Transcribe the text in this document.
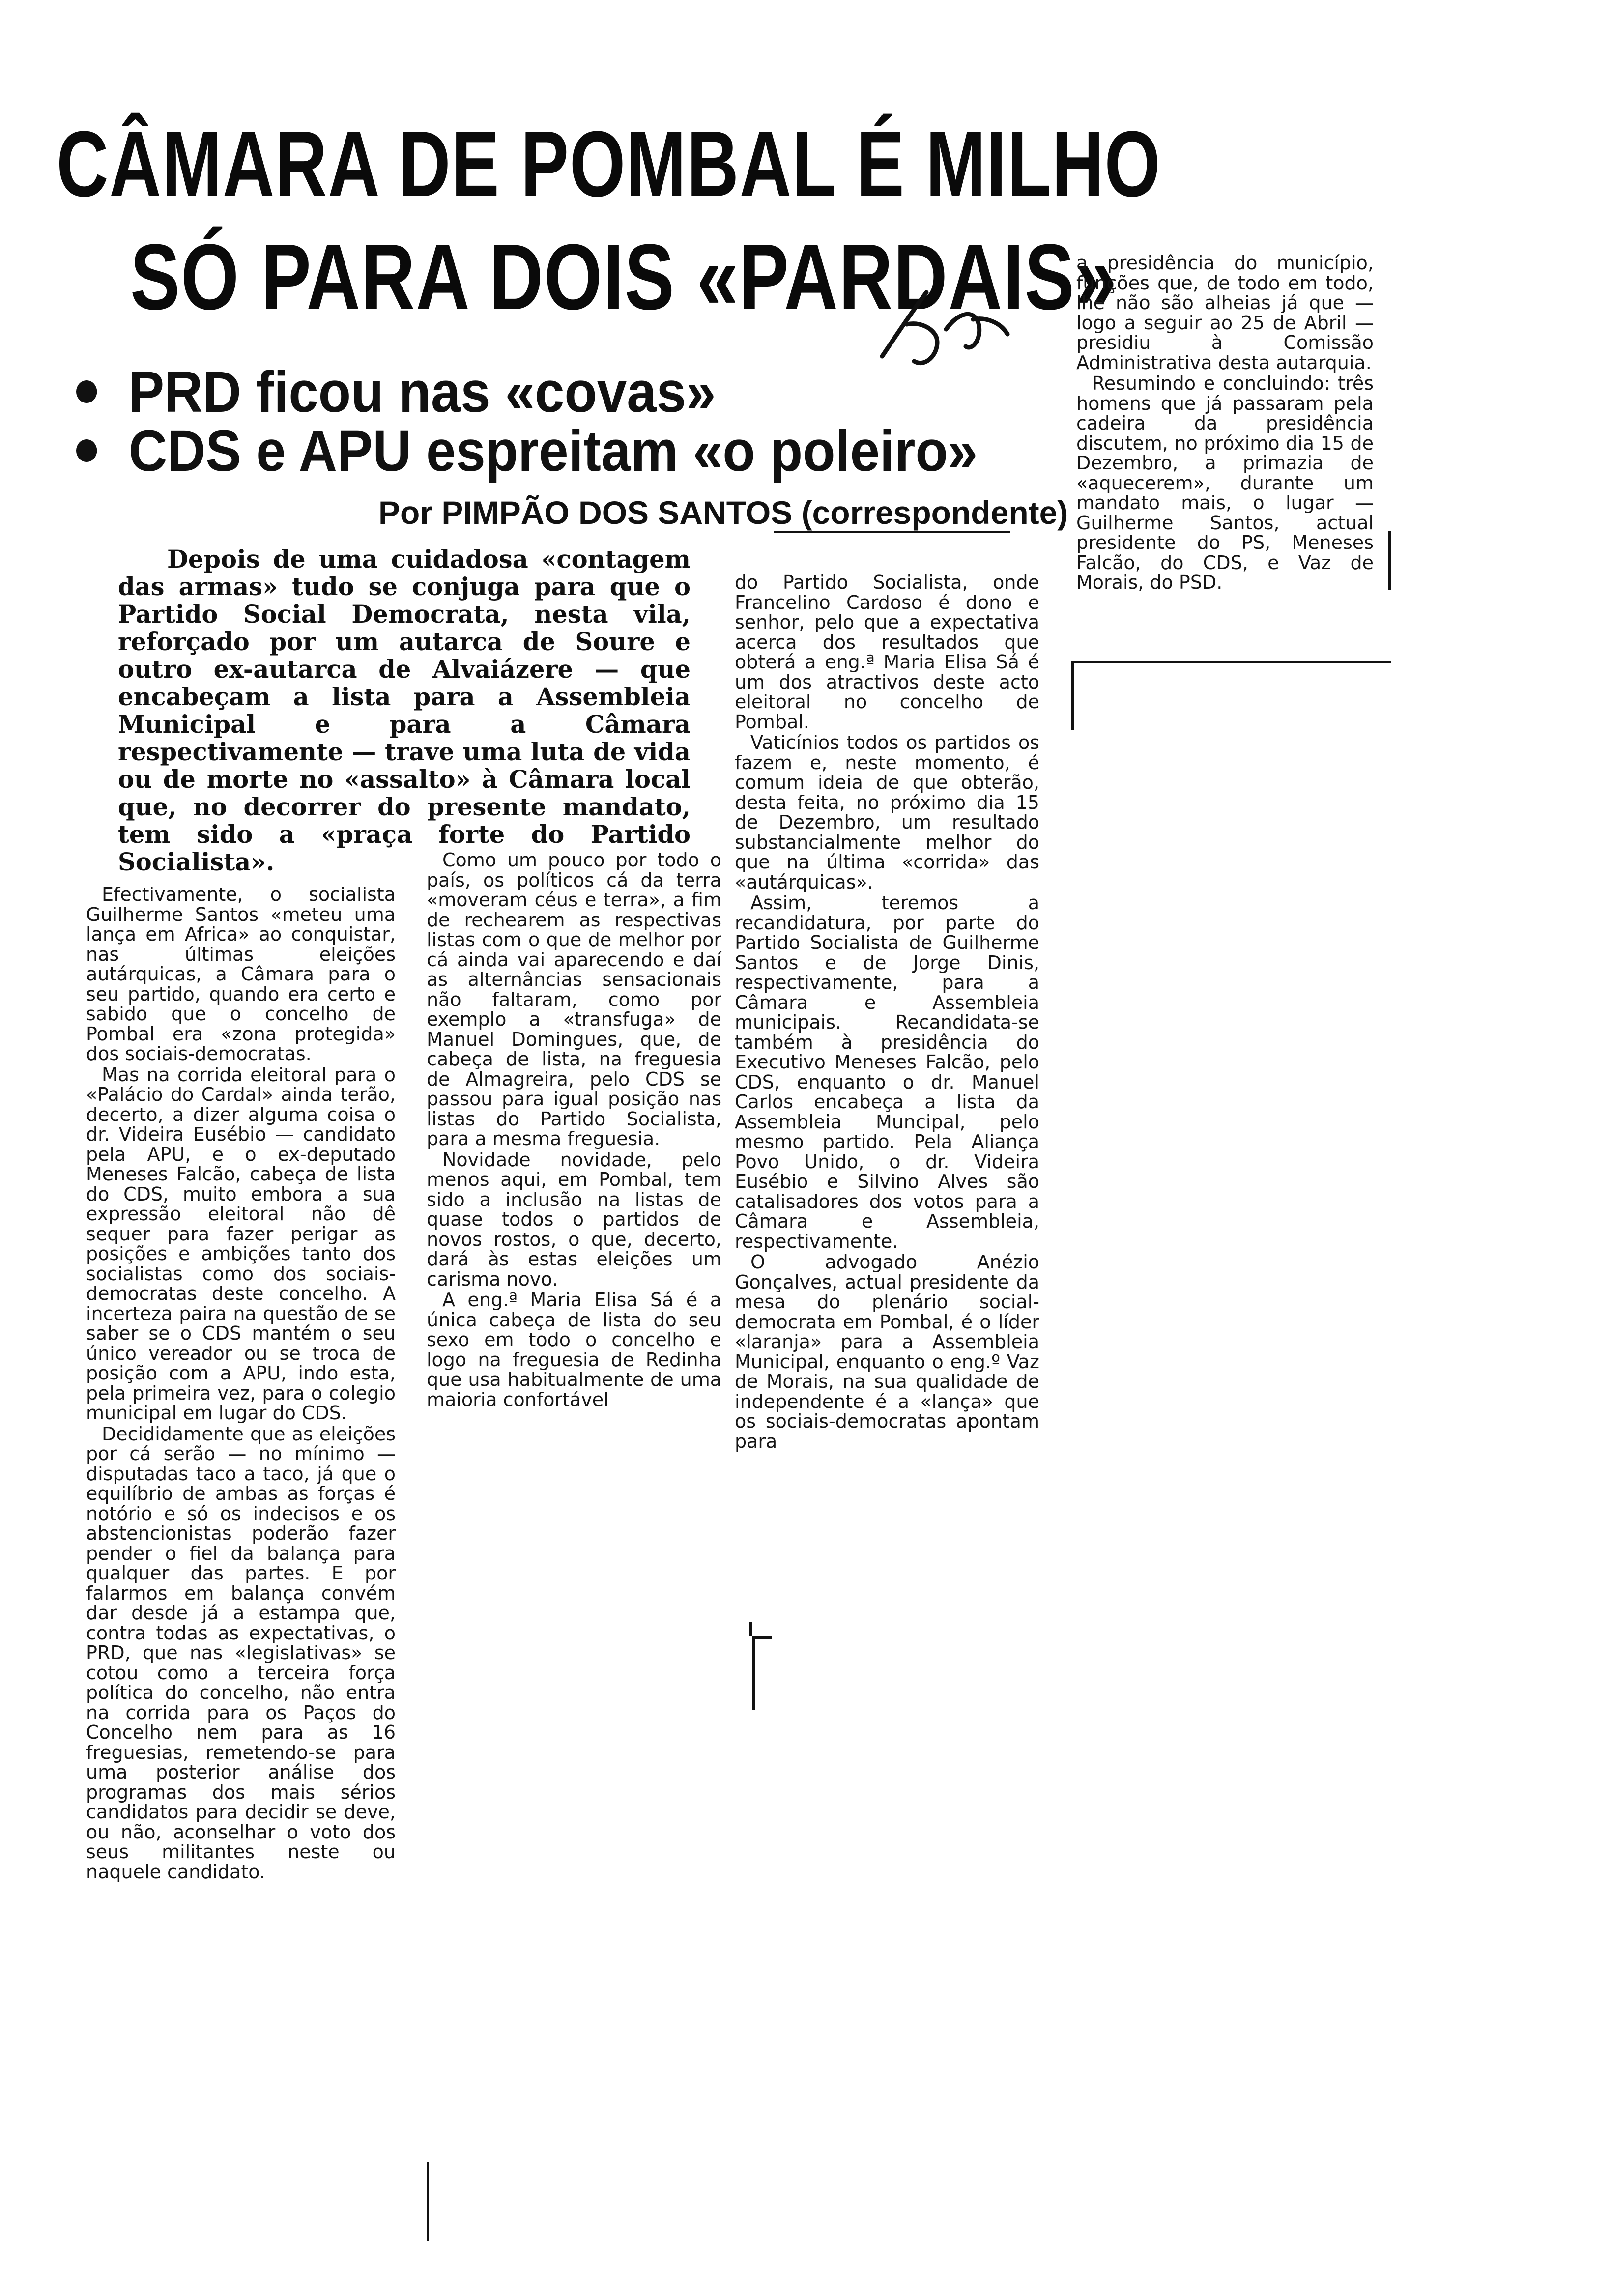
CÂMARA DE POMBAL É MILHO
SÓ PARA DOIS «PARDAIS»
PRD ficou nas «covas»
CDS e APU espreitam «o poleiro»
Por PIMPÃO DOS SANTOS (correspondente)

Depois de uma cuidadosa «contagem das armas» tudo se conjuga para que o Partido Social Democrata, nesta vila, reforçado por um autarca de Soure e outro ex-autarca de Alvaiázere — que encabeçam a lista para a Assembleia Municipal e para a Câmara respectivamente — trave uma luta de vida ou de morte no «assalto» à Câmara local que, no decorrer do presente mandato, tem sido a «praça forte do Partido Socialista».

Efectivamente, o socialista Guilherme Santos «meteu uma lança em Africa» ao conquistar, nas últimas eleições autárquicas, a Câmara para o seu partido, quando era certo e sabido que o concelho de Pombal era «zona protegida» dos sociais-democratas.

Mas na corrida eleitoral para o «Palácio do Cardal» ainda terão, decerto, a dizer alguma coisa o dr. Videira Eusébio — candidato pela APU, e o ex-deputado Meneses Falcão, cabeça de lista do CDS, muito embora a sua expressão eleitoral não dê sequer para fazer perigar as posições e ambições tanto dos socialistas como dos sociais-democratas deste concelho. A incerteza paira na questão de se saber se o CDS mantém o seu único vereador ou se troca de posição com a APU, indo esta, pela primeira vez, para o colegio municipal em lugar do CDS.

Decididamente que as eleições por cá serão — no mínimo — disputadas taco a taco, já que o equilíbrio de ambas as forças é notório e só os indecisos e os abstencionistas poderão fazer pender o fiel da balança para qualquer das partes. E por falarmos em balança convém dar desde já a estampa que, contra todas as expectativas, o PRD, que nas «legislativas» se cotou como a terceira força política do concelho, não entra na corrida para os Paços do Concelho nem para as 16 freguesias, remetendo-se para uma posterior análise dos programas dos mais sérios candidatos para decidir se deve, ou não, aconselhar o voto dos seus militantes neste ou naquele candidato.

Como um pouco por todo o país, os políticos cá da terra «moveram céus e terra», a fim de rechearem as respectivas listas com o que de melhor por cá ainda vai aparecendo e daí as alternâncias sensacionais não faltaram, como por exemplo a «transfuga» de Manuel Domingues, que, de cabeça de lista, na freguesia de Almagreira, pelo CDS se passou para igual posição nas listas do Partido Socialista, para a mesma freguesia.

Novidade novidade, pelo menos aqui, em Pombal, tem sido a inclusão na listas de quase todos o partidos de novos rostos, o que, decerto, dará às estas eleições um carisma novo.

A eng.ª Maria Elisa Sá é a única cabeça de lista do seu sexo em todo o concelho e logo na freguesia de Redinha que usa habitualmente de uma maioria confortável

do Partido Socialista, onde Francelino Cardoso é dono e senhor, pelo que a expectativa acerca dos resultados que obterá a eng.ª Maria Elisa Sá é um dos atractivos deste acto eleitoral no concelho de Pombal.

Vaticínios todos os partidos os fazem e, neste momento, é comum ideia de que obterão, desta feita, no próximo dia 15 de Dezembro, um resultado substancialmente melhor do que na última «corrida» das «autárquicas».

Assim, teremos a recandidatura, por parte do Partido Socialista de Guilherme Santos e de Jorge Dinis, respectivamente, para a Câmara e Assembleia municipais. Recandidata-se também à presidência do Executivo Meneses Falcão, pelo CDS, enquanto o dr. Manuel Carlos encabeça a lista da Assembleia Muncipal, pelo mesmo partido. Pela Aliança Povo Unido, o dr. Videira Eusébio e Silvino Alves são catalisadores dos votos para a Câmara e Assembleia, respectivamente.

O advogado Anézio Gonçalves, actual presidente da mesa do plenário social-democrata em Pombal, é o líder «laranja» para a Assembleia Municipal, enquanto o eng.º Vaz de Morais, na sua qualidade de independente é a «lança» que os sociais-democratas apontam para

a presidência do município, funções que, de todo em todo, lhe não são alheias já que — logo a seguir ao 25 de Abril — presidiu à Comissão Administrativa desta autarquia.

Resumindo e concluindo: três homens que já passaram pela cadeira da presidência discutem, no próximo dia 15 de Dezembro, a primazia de «aquecerem», durante um mandato mais, o lugar — Guilherme Santos, actual presidente do PS, Meneses Falcão, do CDS, e Vaz de Morais, do PSD.
